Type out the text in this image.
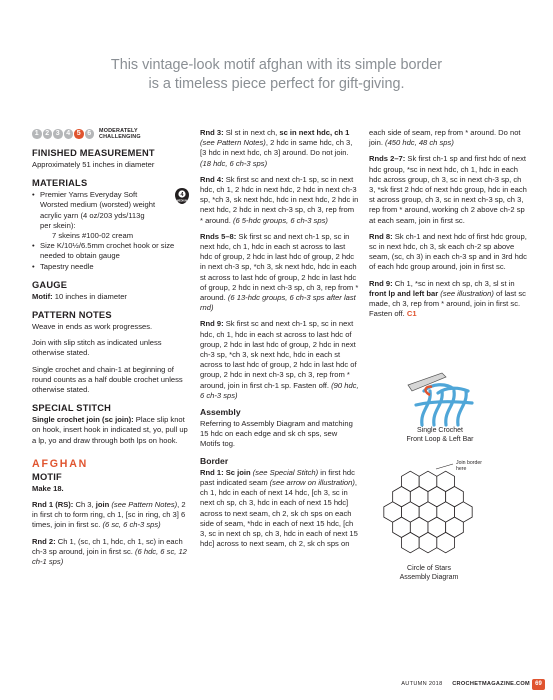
This vintage-look motif afghan with its simple border
is a timeless piece perfect for gift-giving.
1 2 3 4 5 6	MODERATELY
CHALLENGING
FINISHED MEASUREMENT

Approximately 51 inches in diameter

MATERIALS
• Premier Yarns Everyday Soft
Worsted medium (worsted) weight
acrylic yarn (4 oz/203 yds/113g
per skein):
7 skeins #100-02 cream
4
MEDIUM

• Size K/10½/6.5mm crochet hook or size needed to obtain gauge

• Tapestry needle

GAUGE

Motif: 10 inches in diameter

PATTERN NOTES

Weave in ends as work progresses.

Join with slip stitch as indicated unless otherwise stated.

Single crochet and chain-1 at beginning of round counts as a half double crochet unless otherwise stated.

SPECIAL STITCH

Single crochet join (sc join): Place slip knot on hook, insert hook in indicated st, yo, pull up a lp, yo and draw through both lps on hook.

AFGHAN
MOTIF

Make 18.

Rnd 1 (RS): Ch 3, join (see Pattern Notes), 2 in first ch to form ring, ch 1, [sc in ring, ch 3] 6 times, join in first sc. (6 sc, 6 ch-3 sps)

Rnd 2: Ch 1, (sc, ch 1, hdc, ch 1, sc) in each ch-3 sp around, join in first sc. (6 hdc, 6 sc, 12 ch-1 sps)

Rnd 3: Sl st in next ch, sc in next hdc, ch 1 (see Pattern Notes), 2 hdc in same hdc, ch 3, [3 hdc in next hdc, ch 3] around. Do not join. (18 hdc, 6 ch-3 sps)

Rnd 4: Sk first sc and next ch-1 sp, sc in next hdc, ch 1, 2 hdc in next hdc, 2 hdc in next ch-3 sp, *ch 3, sk next hdc, hdc in next hdc, 2 hdc in next hdc, 2 hdc in next ch-3 sp, ch 3, rep from * around. (6 5-hdc groups, 6 ch-3 sps)

Rnds 5–8: Sk first sc and next ch-1 sp, sc in next hdc, ch 1, hdc in each st across to last hdc of group, 2 hdc in last hdc of group, 2 hdc in next ch-3 sp, *ch 3, sk next hdc, hdc in each st across to last hdc of group, 2 hdc in last hdc of group, 2 hdc in next ch-3 sp, ch 3, rep from * around. (6 13-hdc groups, 6 ch-3 sps after last rnd)

Rnd 9: Sk first sc and next ch-1 sp, sc in next hdc, ch 1, hdc in each st across to last hdc of group, 2 hdc in last hdc of group, 2 hdc in next ch-3 sp, *ch 3, sk next hdc, hdc in each st across to last hdc of group, 2 hdc in last hdc of group, 2 hdc in next ch-3 sp, ch 3, rep from * around, join in first ch-1 sp. Fasten off. (90 hdc, 6 ch-3 sps)

Assembly

Referring to Assembly Diagram and matching 15 hdc on each edge and sk ch sps, sew Motifs tog.

Border

Rnd 1: Sc join (see Special Stitch) in first hdc past indicated seam (see arrow on illustration), ch 1, hdc in each of next 14 hdc, [ch 3, sc in next ch sp, ch 3, hdc in each of next 15 hdc] across to next seam, ch 2, sk ch sps on each side of seam, *hdc in each of next 15 hdc, [ch 3, sc in next ch sp, ch 3, hdc in each of next 15 hdc] across to next seam, ch 2, sk ch sps on

each side of seam, rep from * around. Do not join. (450 hdc, 48 ch sps)

Rnds 2–7: Sk first ch-1 sp and first hdc of next hdc group, *sc in next hdc, ch 1, hdc in each hdc across group, ch 3, sc in next ch-3 sp, ch 3, *sk first 2 hdc of next hdc group, hdc in each st across group, ch 3, sc in next ch-3 sp, ch 3, rep from * around, working ch 2 above ch-2 sp at each seam, join in first sc.

Rnd 8: Sk ch-1 and next hdc of first hdc group, sc in next hdc, ch 3, sk each ch-2 sp above seam, (sc, ch 3) in each ch-3 sp and in 3rd hdc of each hdc group around, join in first sc.

Rnd 9: Ch 1, *sc in next ch sp, ch 3, sl st in front lp and left bar (see illustration) of last sc made, ch 3, rep from * around, join in first sc. Fasten off. C1

Single Crochet
Front Loop & Left Bar
Join border
here
Circle of Stars
Assembly Diagram
AUTUMN 2018 CROCHETMAGAZINE.COM 69
